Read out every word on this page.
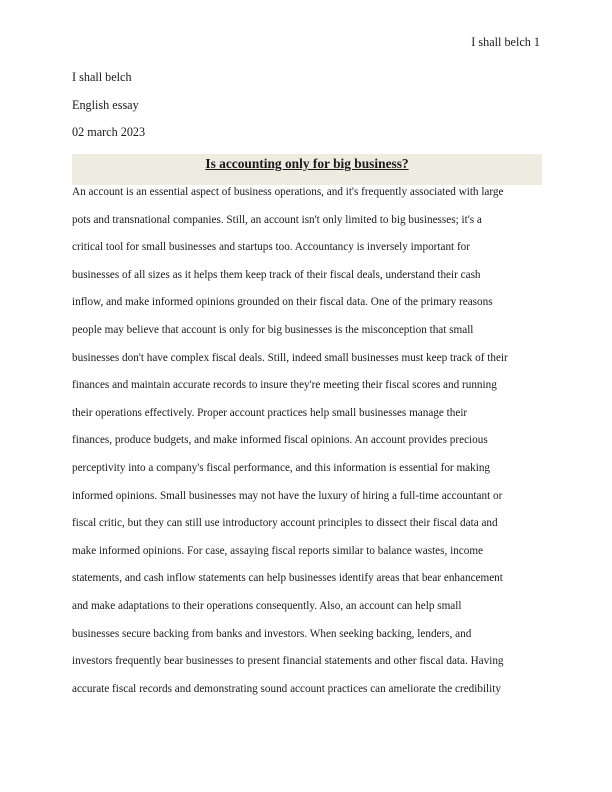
I shall belch 1
I shall belch
English essay
02 march 2023
Is accounting only for big business?
An account is an essential aspect of business operations, and it's frequently associated with large
pots and transnational companies. Still, an account isn't only limited to big businesses; it's a
critical tool for small businesses and startups too. Accountancy is inversely important for
businesses of all sizes as it helps them keep track of their fiscal deals, understand their cash
inflow, and make informed opinions grounded on their fiscal data. One of the primary reasons
people may believe that account is only for big businesses is the misconception that small
businesses don't have complex fiscal deals. Still, indeed small businesses must keep track of their
finances and maintain accurate records to insure they're meeting their fiscal scores and running
their operations effectively. Proper account practices help small businesses manage their
finances, produce budgets, and make informed fiscal opinions. An account provides precious
perceptivity into a company's fiscal performance, and this information is essential for making
informed opinions. Small businesses may not have the luxury of hiring a full-time accountant or
fiscal critic, but they can still use introductory account principles to dissect their fiscal data and
make informed opinions. For case, assaying fiscal reports similar to balance wastes, income
statements, and cash inflow statements can help businesses identify areas that bear enhancement
and make adaptations to their operations consequently. Also, an account can help small
businesses secure backing from banks and investors. When seeking backing, lenders, and
investors frequently bear businesses to present financial statements and other fiscal data. Having
accurate fiscal records and demonstrating sound account practices can ameliorate the credibility
